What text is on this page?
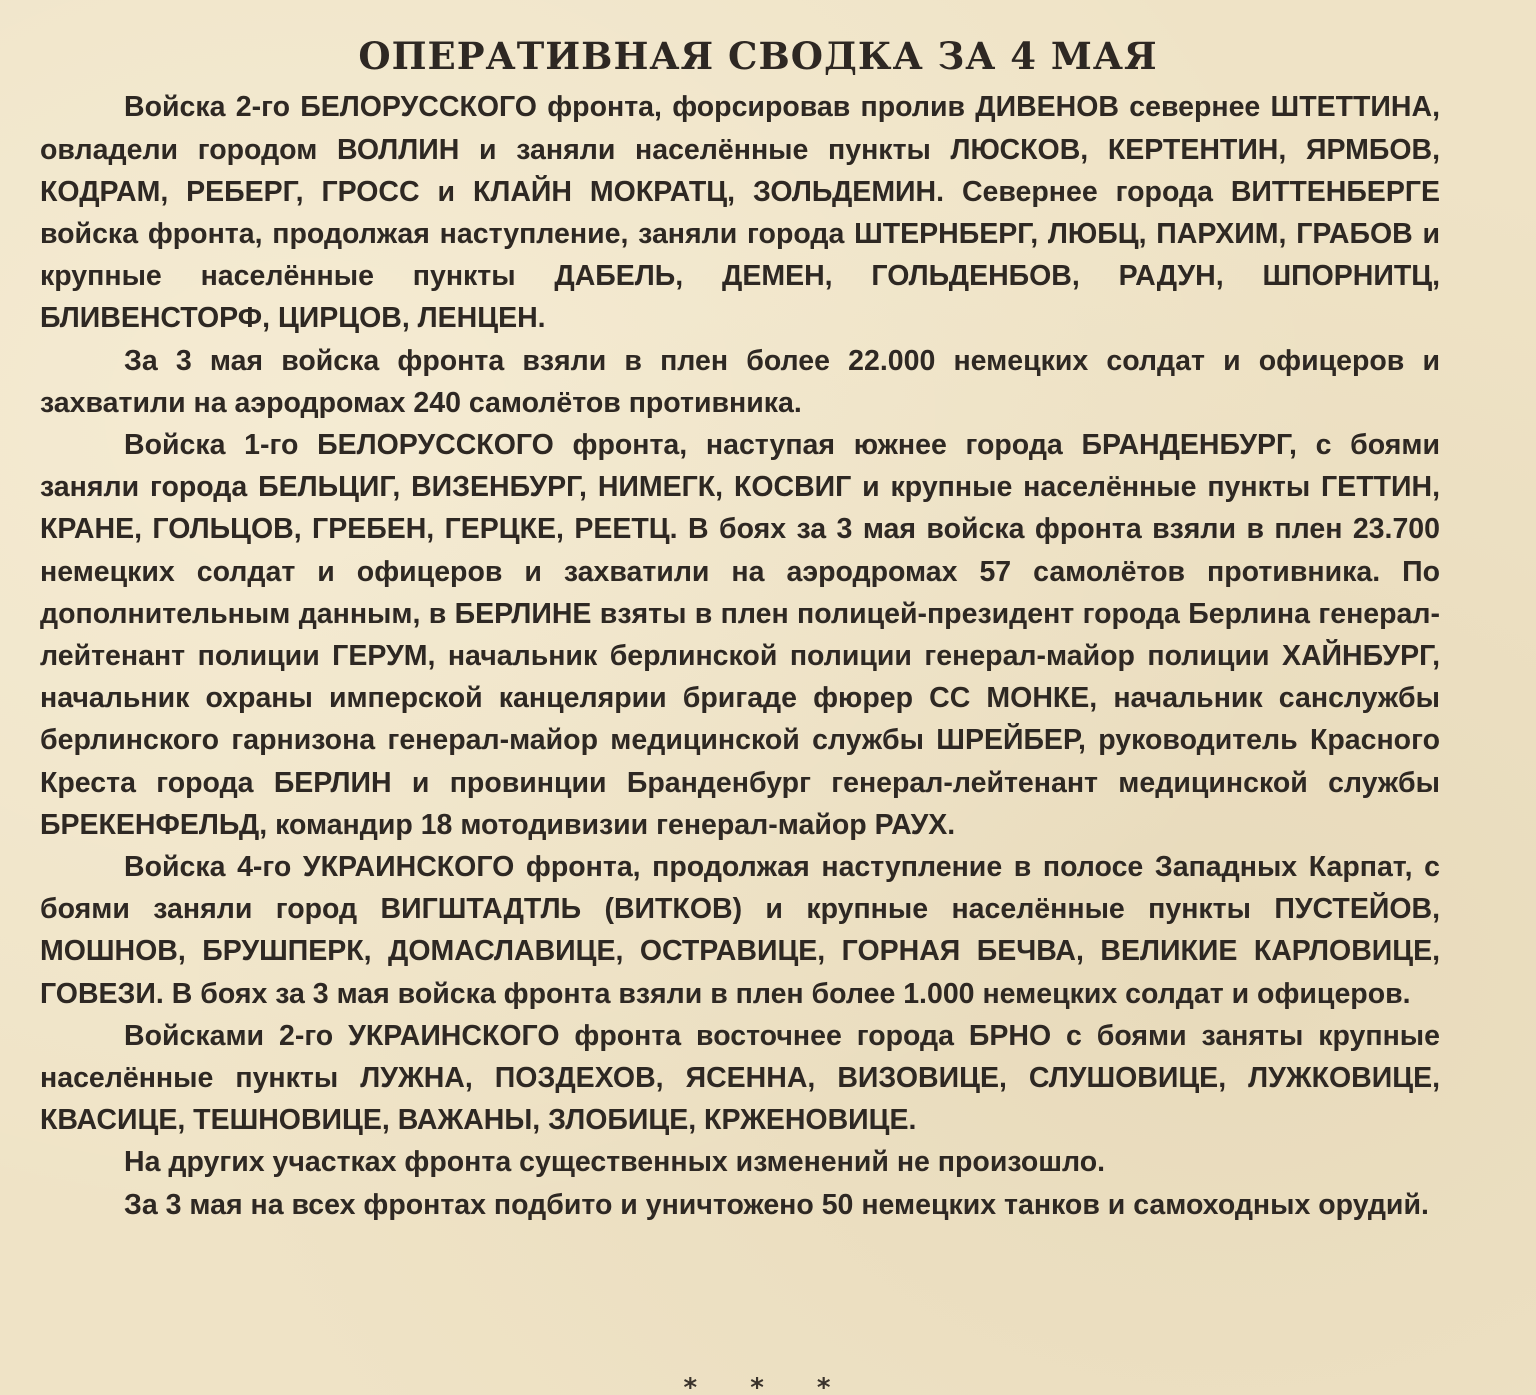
ОПЕРАТИВНАЯ СВОДКА ЗА 4 МАЯ

Войска 2-го БЕЛОРУССКОГО фронта, форсировав пролив ДИВЕНОВ севернее ШТЕТТИНА, овладели городом ВОЛЛИН и заняли населённые пункты ЛЮСКОВ, КЕРТЕНТИН, ЯРМБОВ, КОДРАМ, РЕБЕРГ, ГРОСС и КЛАЙН МОКРАТЦ, ЗОЛЬДЕМИН. Севернее города ВИТТЕНБЕРГЕ войска фронта, продолжая наступление, заняли города ШТЕРНБЕРГ, ЛЮБЦ, ПАРХИМ, ГРАБОВ и крупные населённые пункты ДАБЕЛЬ, ДЕМЕН, ГОЛЬДЕНБОВ, РАДУН, ШПОРНИТЦ, БЛИВЕНСТОРФ, ЦИРЦОВ, ЛЕНЦЕН.

За 3 мая войска фронта взяли в плен более 22.000 немецких солдат и офицеров и захватили на аэродромах 240 самолётов противника.

Войска 1-го БЕЛОРУССКОГО фронта, наступая южнее города БРАНДЕНБУРГ, с боями заняли города БЕЛЬЦИГ, ВИЗЕНБУРГ, НИМЕГК, КОСВИГ и крупные населённые пункты ГЕТТИН, КРАНЕ, ГОЛЬЦОВ, ГРЕБЕН, ГЕРЦКЕ, РЕЕТЦ. В боях за 3 мая войска фронта взяли в плен 23.700 немецких солдат и офицеров и захватили на аэродромах 57 самолётов противника. По дополнительным данным, в БЕРЛИНЕ взяты в плен полицей-президент города Берлина генерал-лейтенант полиции ГЕРУМ, начальник берлинской полиции генерал-майор полиции ХАЙНБУРГ, начальник охраны имперской канцелярии бригаде фюрер СС МОНКЕ, начальник санслужбы берлинского гарнизона генерал-майор медицинской службы ШРЕЙБЕР, руководитель Красного Креста города БЕРЛИН и провинции Бранденбург генерал-лейтенант медицинской службы БРЕКЕНФЕЛЬД, командир 18 мотодивизии генерал-майор РАУХ.

Войска 4-го УКРАИНСКОГО фронта, продолжая наступление в полосе Западных Карпат, с боями заняли город ВИГШТАДТЛЬ (ВИТКОВ) и крупные населённые пункты ПУСТЕЙОВ, МОШНОВ, БРУШПЕРК, ДОМАСЛАВИЦЕ, ОСТРАВИЦЕ, ГОРНАЯ БЕЧВА, ВЕЛИКИЕ КАРЛОВИЦЕ, ГОВЕЗИ. В боях за 3 мая войска фронта взяли в плен более 1.000 немецких солдат и офицеров.

Войсками 2-го УКРАИНСКОГО фронта восточнее города БРНО с боями заняты крупные населённые пункты ЛУЖНА, ПОЗДЕХОВ, ЯСЕННА, ВИЗОВИЦЕ, СЛУШОВИЦЕ, ЛУЖКОВИЦЕ, КВАСИЦЕ, ТЕШНОВИЦЕ, ВАЖАНЫ, ЗЛОБИЦЕ, КРЖЕНОВИЦЕ.

На других участках фронта существенных изменений не произошло.

За 3 мая на всех фронтах подбито и уничтожено 50 немецких танков и самоходных орудий.

* * *
